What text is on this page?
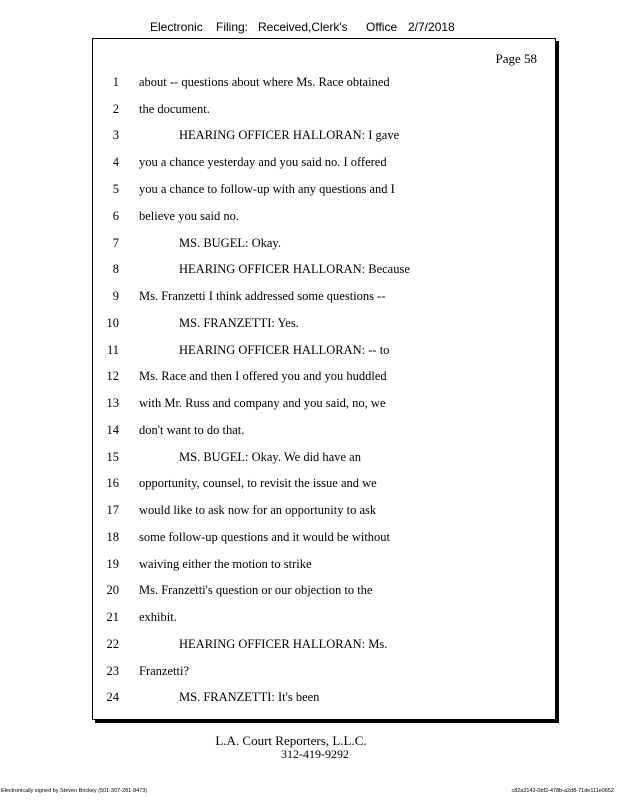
Electronic Filing: Received,Clerk's Office 2/7/2018
Page 58
1 about -- questions about where Ms. Race obtained
2 the document.
3	HEARING OFFICER HALLORAN: I gave
4 you a chance yesterday and you said no. I offered
5 you a chance to follow-up with any questions and I
6 believe you said no.
7	MS. BUGEL: Okay.
8	HEARING OFFICER HALLORAN: Because
9 Ms. Franzetti I think addressed some questions --
10	MS. FRANZETTI: Yes.
11	HEARING OFFICER HALLORAN: -- to
12 Ms. Race and then I offered you and you huddled
13 with Mr. Russ and company and you said, no, we
14 don't want to do that.
15	MS. BUGEL: Okay. We did have an
16 opportunity, counsel, to revisit the issue and we
17 would like to ask now for an opportunity to ask
18 some follow-up questions and it would be without
19 waiving either the motion to strike
20 Ms. Franzetti's question or our objection to the
21 exhibit.
22	HEARING OFFICER HALLORAN: Ms.
23 Franzetti?
24	MS. FRANZETTI: It's been
L.A. Court Reporters, L.L.C.
312-419-9292
Electronically signed by Steven Brickey (501-307-281-8473)	c82a3143-0bf2-478b-a2d8-71de111e0652
